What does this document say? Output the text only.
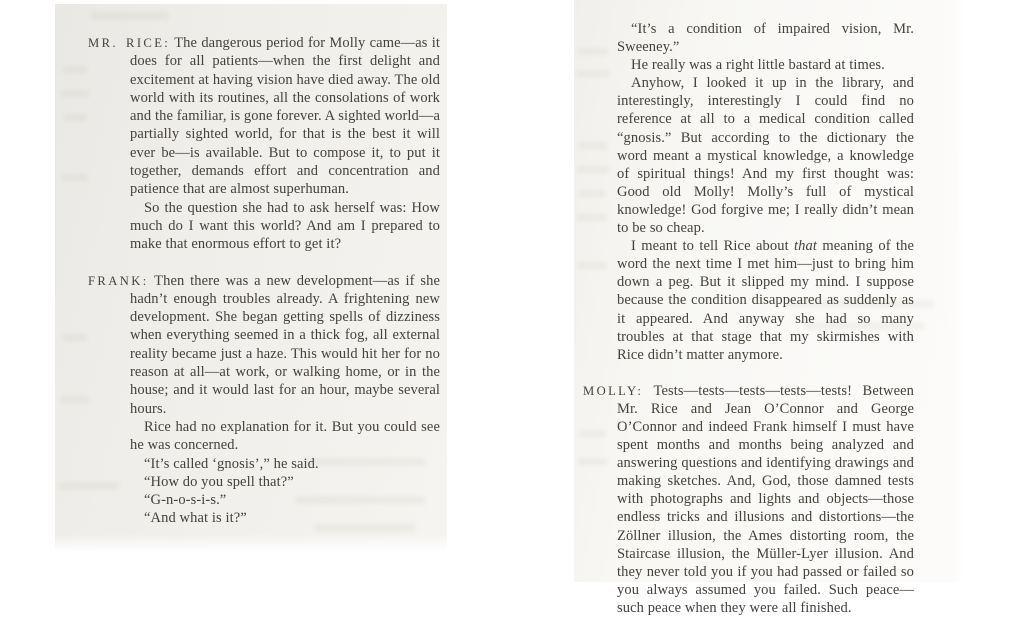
MR. RICE: The dangerous period for Molly came—as it does for all patients—when the first delight and excitement at having vision have died away. The old world with its routines, all the consolations of work and the familiar, is gone forever. A sighted world—a partially sighted world, for that is the best it will ever be—is available. But to compose it, to put it together, demands effort and concentration and patience that are almost superhuman.

So the question she had to ask herself was: How much do I want this world? And am I prepared to make that enormous effort to get it?

FRANK: Then there was a new development—as if she hadn’t enough troubles already. A frightening new development. She began getting spells of dizziness when everything seemed in a thick fog, all external reality became just a haze. This would hit her for no reason at all—at work, or walking home, or in the house; and it would last for an hour, maybe several hours.

Rice had no explanation for it. But you could see he was concerned.

“It’s called ‘gnosis’,” he said.

“How do you spell that?”

“G-n-o-s-i-s.”

“And what is it?”

“It’s a condition of impaired vision, Mr. Sweeney.”

He really was a right little bastard at times.

Anyhow, I looked it up in the library, and interestingly, interestingly I could find no reference at all to a medical condition called “gnosis.” But according to the dictionary the word meant a mystical knowledge, a knowledge of spiritual things! And my first thought was: Good old Molly! Molly’s full of mystical knowledge! God forgive me; I really didn’t mean to be so cheap.

I meant to tell Rice about that meaning of the word the next time I met him—just to bring him down a peg. But it slipped my mind. I suppose because the condition disappeared as suddenly as it appeared. And anyway she had so many troubles at that stage that my skirmishes with Rice didn’t matter anymore.

MOLLY: Tests—tests—tests—tests—tests! Between Mr. Rice and Jean O’Connor and George O’Connor and indeed Frank himself I must have spent months and months being analyzed and answering questions and identifying drawings and making sketches. And, God, those damned tests with photographs and lights and objects—those endless tricks and illusions and distortions—the Zöllner illusion, the Ames distorting room, the Staircase illusion, the Müller-Lyer illusion. And they never told you if you had passed or failed so you always assumed you failed. Such peace—such peace when they were all finished.
